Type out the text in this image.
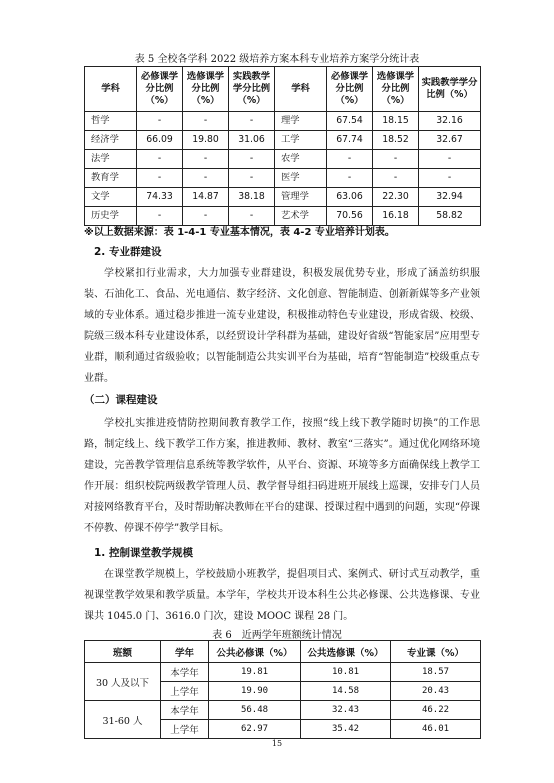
表 5 全校各学科 2022 级培养方案本科专业培养方案学分统计表
学科	必修课学分比例（%）	选修课学分比例（%）	实践教学学分比例（%）	学科	必修课学分比例（%）	选修课学分比例（%）	实践教学学分比例（%）
哲学	-	-	-	理学	67.54	18.15	32.16
经济学	66.09	19.80	31.06	工学	67.74	18.52	32.67
法学	-	-	-	农学	-	-	-
教育学	-	-	-	医学	-	-	-
文学	74.33	14.87	38.18	管理学	63.06	22.30	32.94
历史学	-	-	-	艺术学	70.56	16.18	58.82
※以上数据来源：表 1-4-1 专业基本情况，表 4-2 专业培养计划表。
2. 专业群建设
学校紧扣行业需求，大力加强专业群建设，积极发展优势专业，形成了涵盖纺织服装、石油化工、食品、光电通信、数字经济、文化创意、智能制造、创新新媒等多产业领域的专业体系。通过稳步推进一流专业建设，积极推动特色专业建设，形成省级、校级、院级三级本科专业建设体系，以经贸设计学科群为基础，建设好省级“智能家居”应用型专业群，顺利通过省级验收；以智能制造公共实训平台为基础，培育“智能制造”校级重点专业群。
（二）课程建设
学校扎实推进疫情防控期间教育教学工作，按照“线上线下教学随时切换”的工作思路，制定线上、线下教学工作方案，推进教师、教材、教室“三落实”。通过优化网络环境建设，完善教学管理信息系统等教学软件，从平台、资源、环境等多方面确保线上教学工作开展：组织校院两级教学管理人员、教学督导组扫码进班开展线上巡课，安排专门人员对接网络教育平台，及时帮助解决教师在平台的建课、授课过程中遇到的问题，实现“停课不停教、停课不停学”教学目标。
1. 控制课堂教学规模
在课堂教学规模上，学校鼓励小班教学，提倡项目式、案例式、研讨式互动教学，重视课堂教学效果和教学质量。本学年，学校共开设本科生公共必修课、公共选修课、专业课共 1045.0 门、3616.0 门次，建设 MOOC 课程 28 门。
表 6　近两学年班额统计情况
班额	学年	公共必修课（%）	公共选修课（%）	专业课（%）
30 人及以下	本学年	19.81	10.81	18.57
	上学年	19.90	14.58	20.43
31-60 人	本学年	56.48	32.43	46.22
	上学年	62.97	35.42	46.01
15
